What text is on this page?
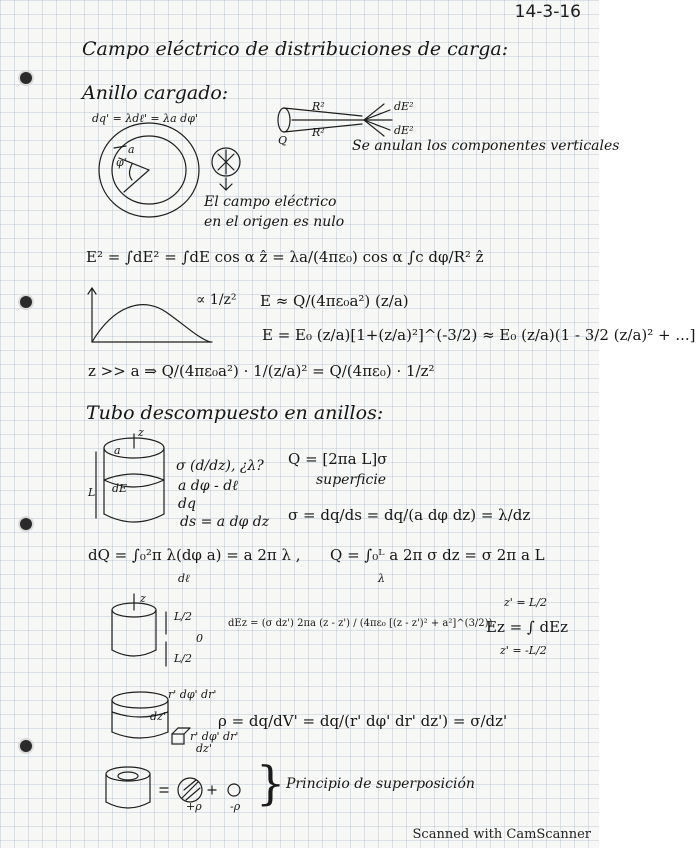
14-3-16
Campo eléctrico de distribuciones de carga:
Anillo cargado:
dq' = λdℓ' = λa dφ'
a
φ'
R²
R²
Q
dE²
dE²
Se anulan los componentes verticales
El campo eléctrico
en el origen es nulo
E² = ∫dE² = ∫dE cos α ẑ = λa/(4πε₀) cos α ∫c dφ/R² ẑ
∝ 1/z² E ≈ Q/(4πε₀a²) (z/a)
E = E₀ (z/a)[1+(z/a)²]^(-3/2) ≈ E₀ (z/a)(1 - 3/2 (z/a)² + ...]
z >> a ⇒ Q/(4πε₀a²) · 1/(z/a)² = Q/(4πε₀) · 1/z²
Tubo descompuesto en anillos:
z
L
a
dE
σ (d/dz), ¿λ?
a dφ - dℓ
dq
ds = a dφ dz
Q = [2πa L]σ
superficie
σ = dq/ds = dq/(a dφ dz) = λ/dz
dQ = ∫₀²π λ(dφ a) = a 2π λ ,
dℓ
Q = ∫₀ᴸ a 2π σ dz = σ 2π a L
λ
z
L/2
0
L/2
dEz = (σ dz') 2πa (z - z') / (4πε₀ [(z - z')² + a²]^(3/2))
z' = L/2
Ez = ∫ dEz
z' = -L/2
r' dφ' dr'
dz'
r' dφ' dr'
dz'
ρ = dq/dV' = dq/(r' dφ' dr' dz') = σ/dz'
+ρ	-ρ } Principio de superposición
Scanned with CamScanner
